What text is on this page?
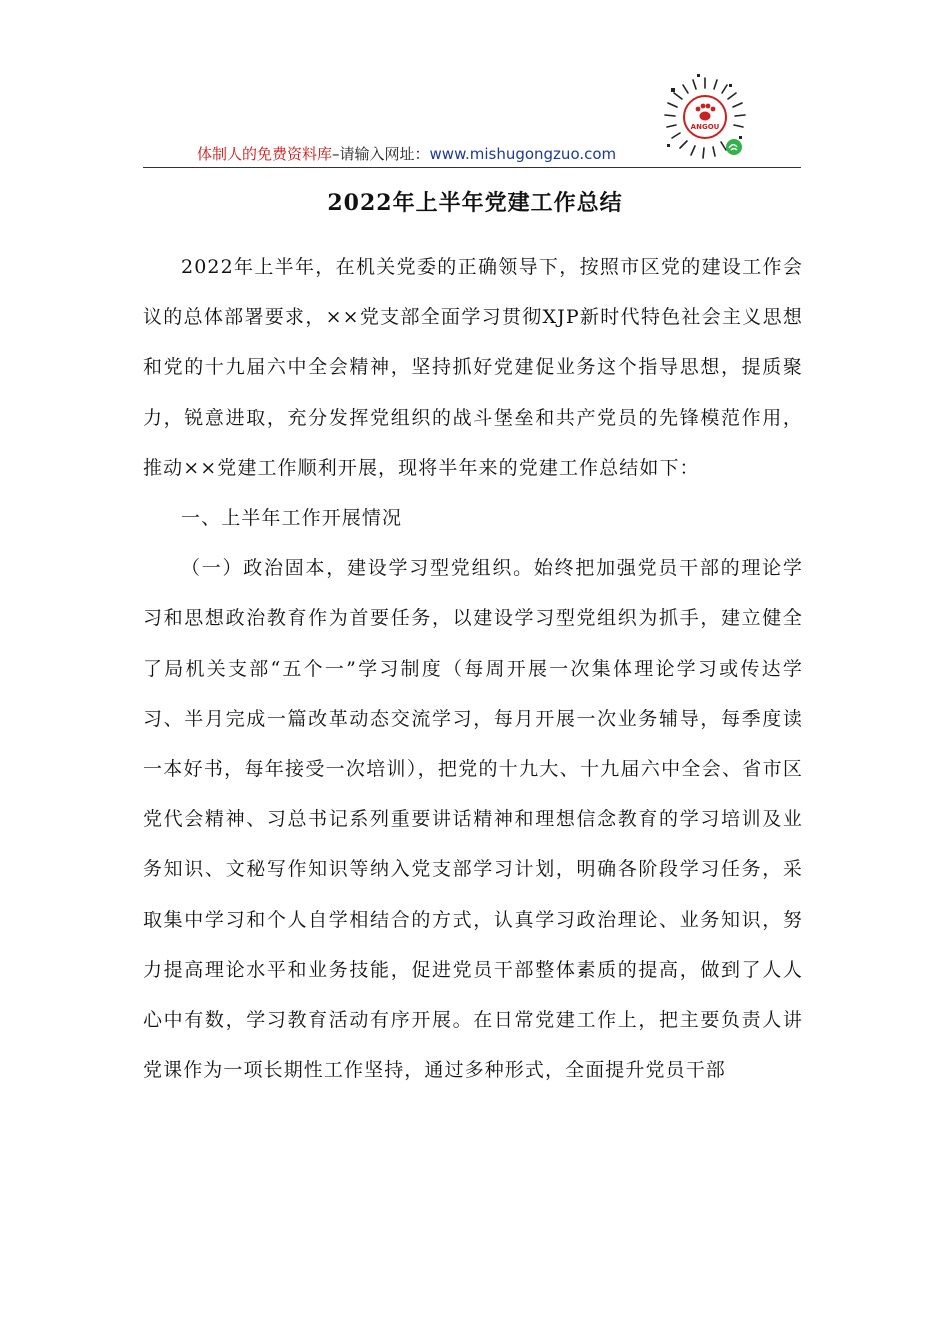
体制人的免费资料库–请输入网址：www.mishugongzuo.com
ANGOU
2022年上半年党建工作总结

2022年上半年，在机关党委的正确领导下，按照市区党的建设工作会议的总体部署要求，××党支部全面学习贯彻XJP新时代特色社会主义思想和党的十九届六中全会精神，坚持抓好党建促业务这个指导思想，提质聚力，锐意进取，充分发挥党组织的战斗堡垒和共产党员的先锋模范作用，推动××党建工作顺利开展，现将半年来的党建工作总结如下：

一、上半年工作开展情况

（一）政治固本，建设学习型党组织。始终把加强党员干部的理论学习和思想政治教育作为首要任务，以建设学习型党组织为抓手，建立健全了局机关支部“五个一”学习制度（每周开展一次集体理论学习或传达学习、半月完成一篇改革动态交流学习，每月开展一次业务辅导，每季度读一本好书，每年接受一次培训），把党的十九大、十九届六中全会、省市区党代会精神、习总书记系列重要讲话精神和理想信念教育的学习培训及业务知识、文秘写作知识等纳入党支部学习计划，明确各阶段学习任务，采取集中学习和个人自学相结合的方式，认真学习政治理论、业务知识，努力提高理论水平和业务技能，促进党员干部整体素质的提高，做到了人人心中有数，学习教育活动有序开展。在日常党建工作上，把主要负责人讲党课作为一项长期性工作坚持，通过多种形式，全面提升党员干部
